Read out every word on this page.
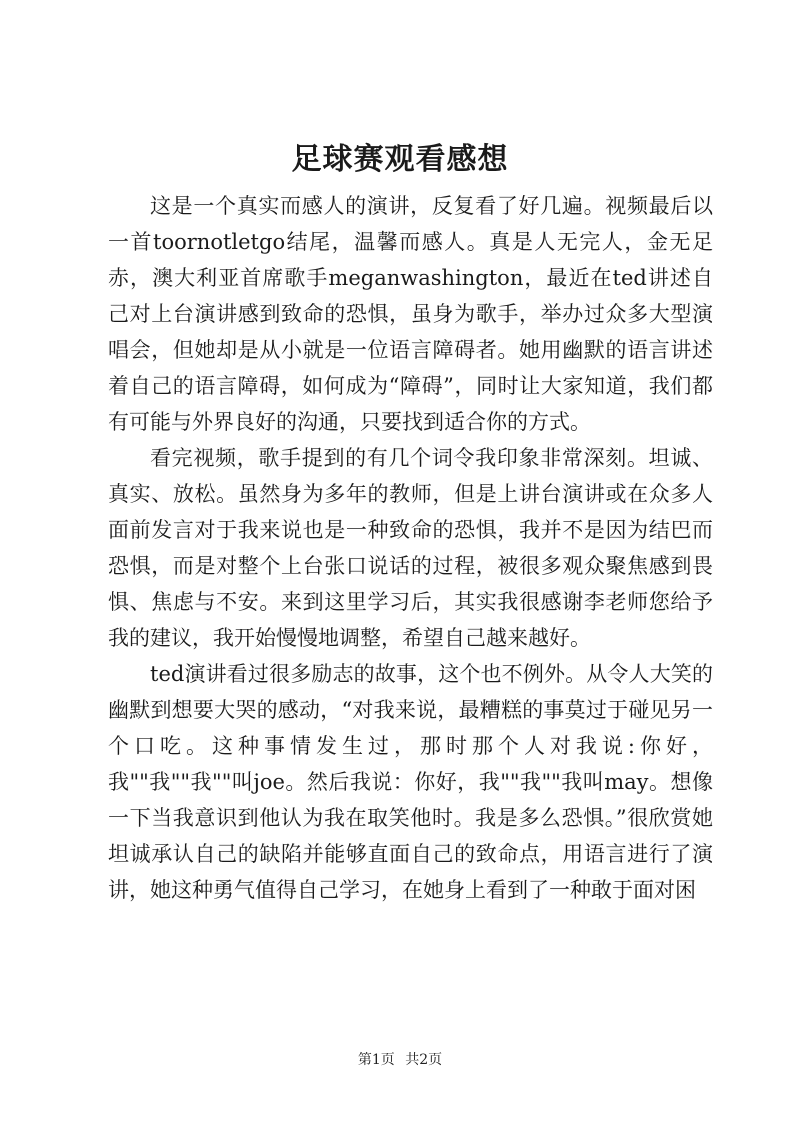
足球赛观看感想

这是一个真实而感人的演讲，反复看了好几遍。视频最后以一首toornotletgo结尾，温馨而感人。真是人无完人，金无足赤，澳大利亚首席歌手meganwashington，最近在ted讲述自己对上台演讲感到致命的恐惧，虽身为歌手，举办过众多大型演唱会，但她却是从小就是一位语言障碍者。她用幽默的语言讲述着自己的语言障碍，如何成为“障碍”，同时让大家知道，我们都有可能与外界良好的沟通，只要找到适合你的方式。

看完视频，歌手提到的有几个词令我印象非常深刻。坦诚、真实、放松。虽然身为多年的教师，但是上讲台演讲或在众多人面前发言对于我来说也是一种致命的恐惧，我并不是因为结巴而恐惧，而是对整个上台张口说话的过程，被很多观众聚焦感到畏惧、焦虑与不安。来到这里学习后，其实我很感谢李老师您给予我的建议，我开始慢慢地调整，希望自己越来越好。

ted演讲看过很多励志的故事，这个也不例外。从令人大笑的幽默到想要大哭的感动，“对我来说，最糟糕的事莫过于碰见另一个口吃。这种事情发生过，那时那个人对我说:你好，我""我""我""叫joe。然后我说：你好，我""我""我叫may。想像一下当我意识到他认为我在取笑他时。我是多么恐惧。”很欣赏她坦诚承认自己的缺陷并能够直面自己的致命点，用语言进行了演讲，她这种勇气值得自己学习，在她身上看到了一种敢于面对困

第1页 共2页
